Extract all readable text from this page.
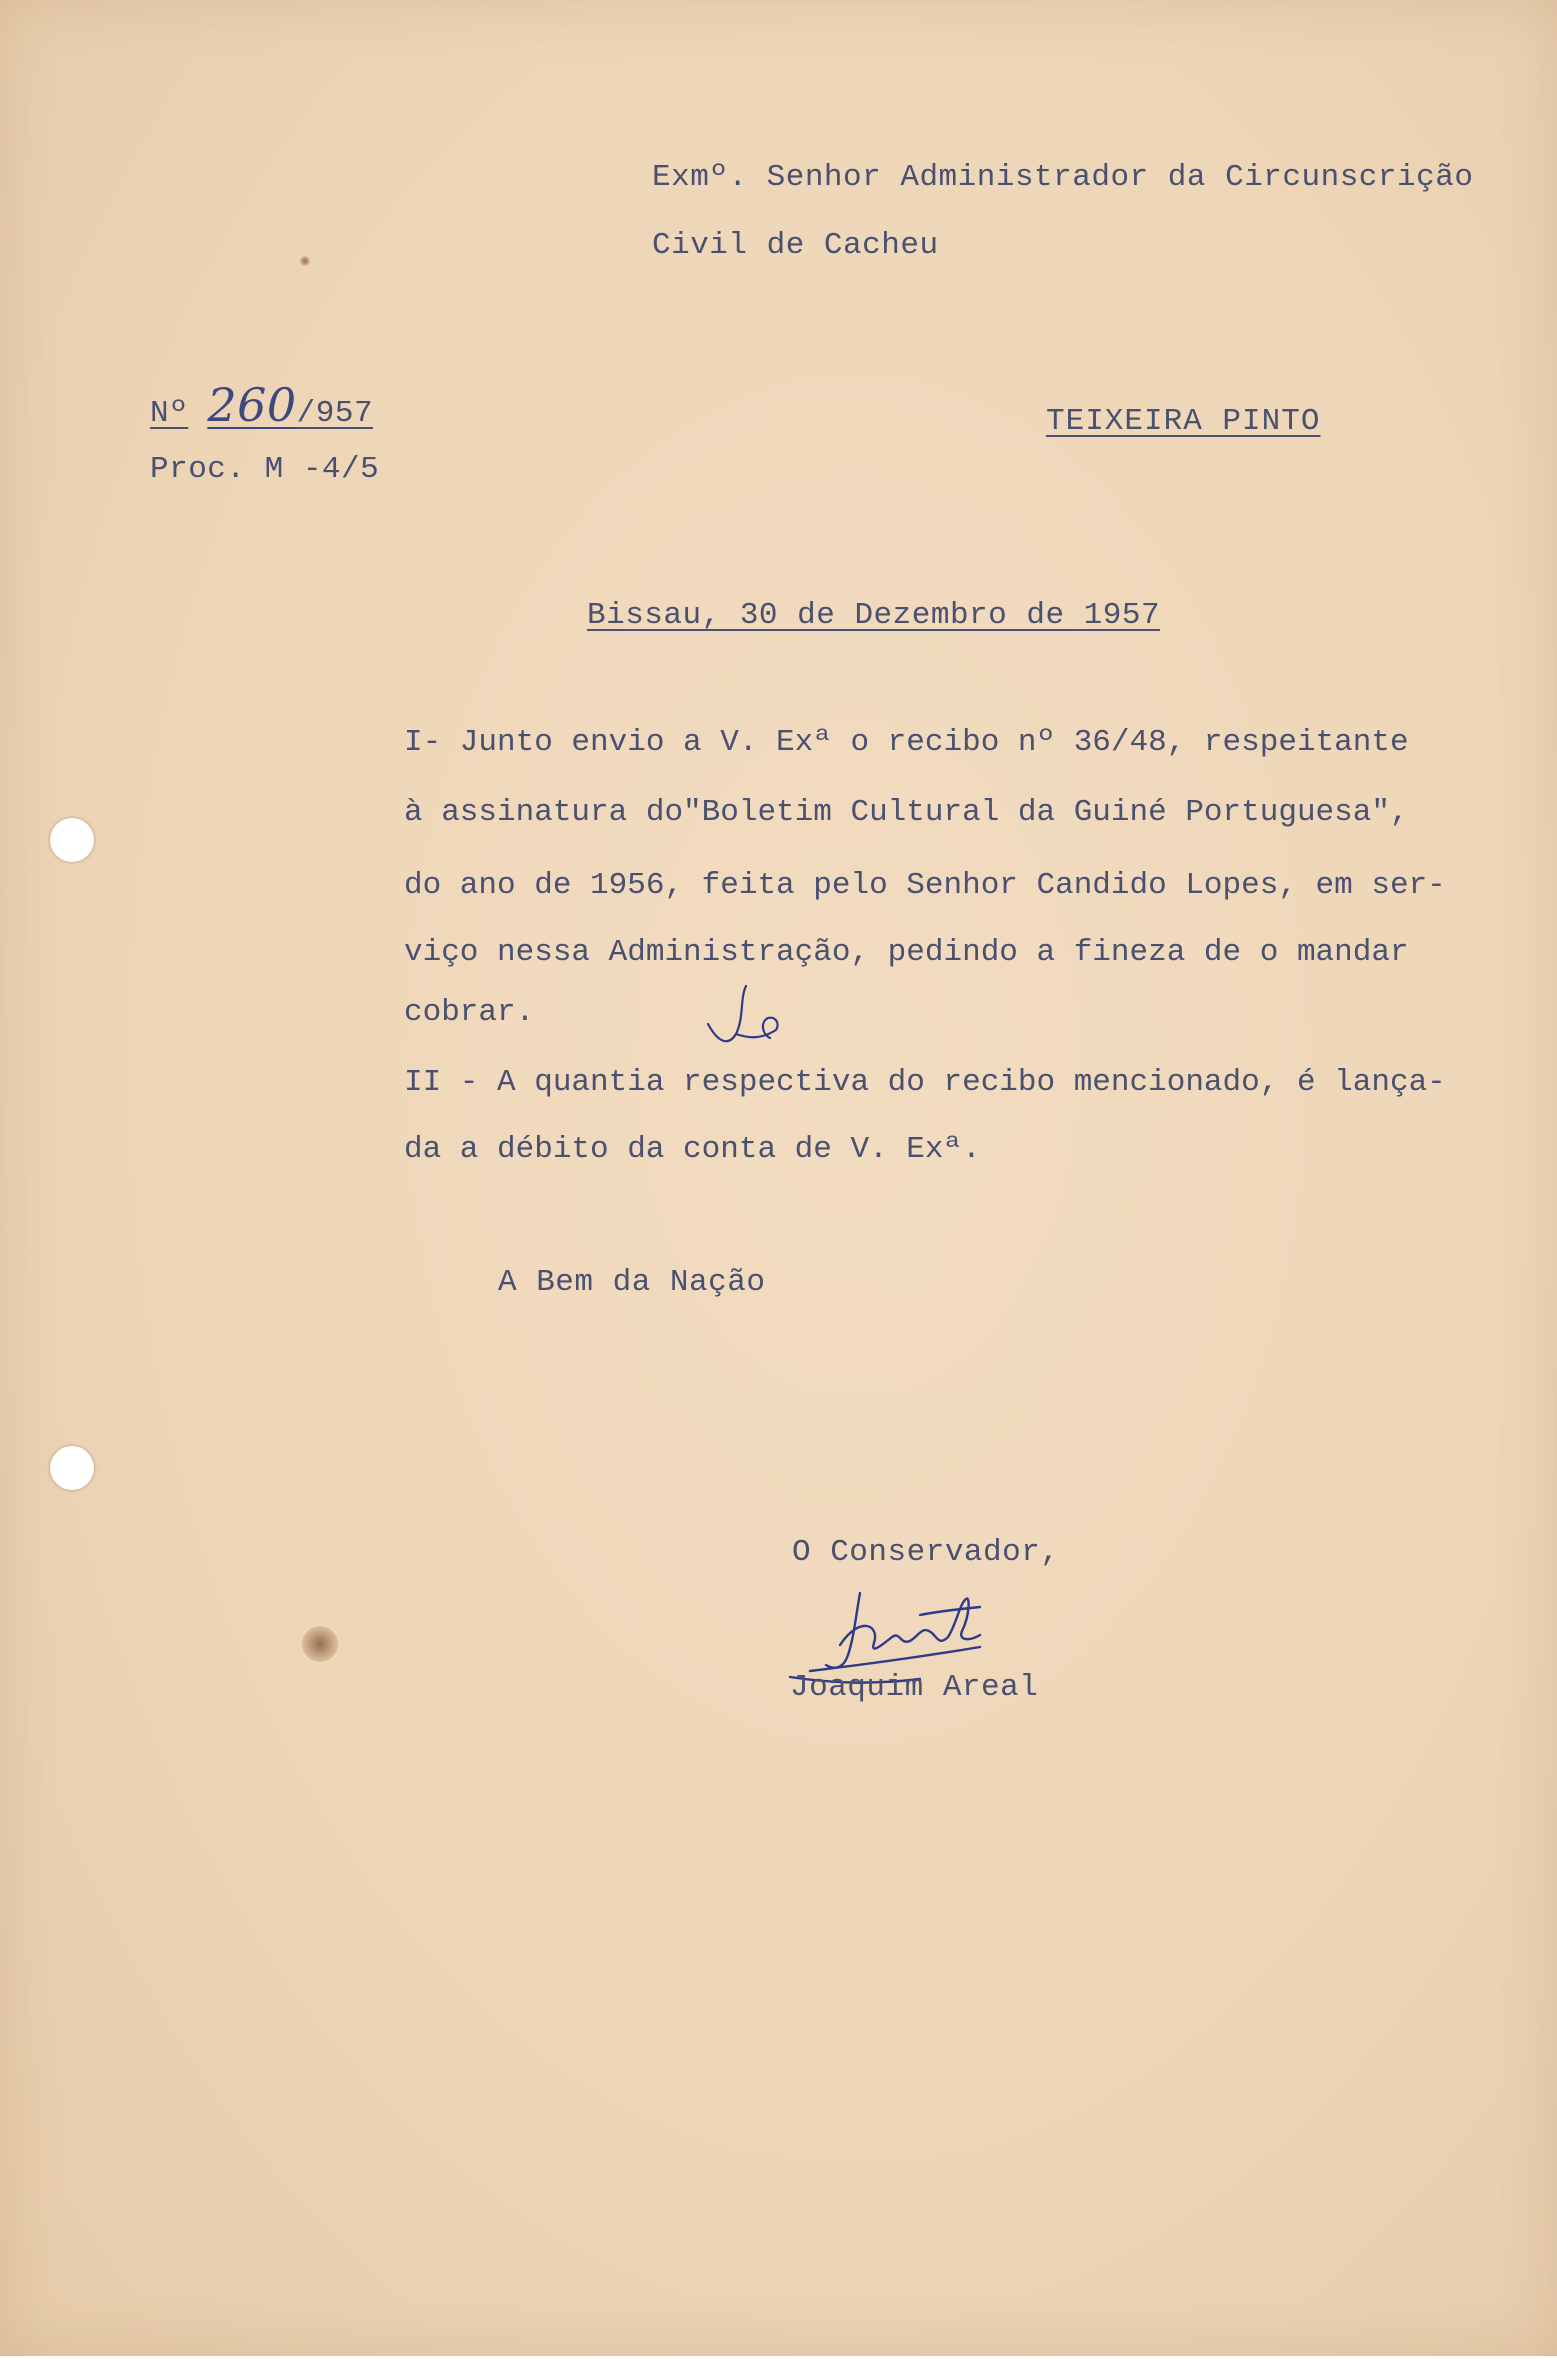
Exmº. Senhor Administrador da Circunscrição
Civil de Cacheu
Nº 260/957
Proc. M -4/5
TEIXEIRA PINTO
Bissau, 30 de Dezembro de 1957
I- Junto envio a V. Exª o recibo nº 36/48, respeitante
à assinatura do"Boletim Cultural da Guiné Portuguesa",
do ano de 1956, feita pelo Senhor Candido Lopes, em ser-
viço nessa Administração, pedindo a fineza de o mandar
cobrar.
II - A quantia respectiva do recibo mencionado, é lança-
da a débito da conta de V. Exª.
A Bem da Nação
O Conservador,
Joaquim Areal
